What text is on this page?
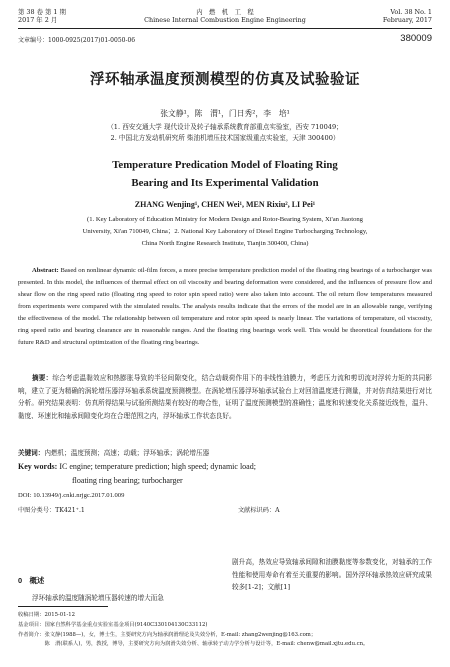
第 38 卷 第 1 期
2017 年 2 月
内　燃　机　工　程
Chinese Internal Combustion Engine Engineering
Vol. 38 No. 1
February, 2017
文章编号：1000-0925(2017)01-0050-06	380009
浮环轴承温度预测模型的仿真及试验验证
张文静¹，陈　渭¹，门日秀²，李　培¹
（1. 西安交通大学 现代设计及转子轴承系统教育部重点实验室，西安 710049；
2. 中国北方发动机研究所 柴油机增压技术国家级重点实验室，天津 300400）
Temperature Predication Model of Floating Ring
Bearing and Its Experimental Validation
ZHANG Wenjing¹, CHEN Wei¹, MEN Rixiu², LI Pei¹
(1. Key Laboratory of Education Ministry for Modern Design and Rotor-Bearing System, Xi'an Jiaotong
University, Xi'an 710049, China；2. National Key Laboratory of Diesel Engine Turbocharging Technology,
China North Engine Research Institute, Tianjin 300400, China)
Abstract: Based on nonlinear dynamic oil-film forces, a more precise temperature prediction model of the floating ring bearings of a turbocharger was presented. In this model, the influences of thermal effect on oil viscosity and bearing deformation were considered, and the influences of pressure flow and shear flow on the ring speed ratio (floating ring speed to rotor spin speed ratio) were also taken into account. The oil return flow temperatures measured from experiments were compared with the simulated results. The analysis results indicate that the errors of the model are in an allowable range, verifying the effectiveness of the model. The relationship between oil temperature and rotor spin speed is nearly linear. The variations of temperature, oil viscosity, ring speed ratio and bearing clearance are in reasonable ranges. And the floating ring bearings work well. This would be theoretical foundations for the future R&D and structural optimization of the floating ring bearings.
摘要：综合考虑温黏效应和热膨胀导致的半径间隙变化，结合动载荷作用下的非线性油膜力，考虑压力流和剪切流对浮转力矩的共同影响，建立了更为精确的涡轮增压器浮环轴承系统温度预测模型。在涡轮增压器浮环轴承试验台上对回油温度进行测量，并对仿真结果进行对比分析。研究结果表明：仿真所得结果与试验所测结果有较好的吻合性，证明了温度预测模型的准确性；温度和转速变化关系接近线性，温升、黏度、环速比和轴承间隙变化均在合理范围之内，浮环轴承工作状态良好。
关键词：内燃机；温度预测；高速；动载；浮环轴承；涡轮增压器
Key words: IC engine; temperature prediction; high speed; dynamic load;
floating ring bearing; turbocharger
DOI: 10.13949/j.cnki.nrjgc.2017.01.009
中图分类号：TK421⁺.1	文献标识码：A
0　概述
浮环轴承的温度随涡轮增压器转速的增大而急
剧升高，热效应导致轴承间隙和油膜黏度等参数变化，对轴承的工作性能和使用寿命有着至关重要的影响。国外浮环轴承热效应研究成果较多[1-2]；文献[1]
收稿日期：2015-01-12
基金项目：国家自然科学基金重点实验室基金项目(9140C330104130C33112)
作者简介：张文静(1988—)，女，博士生，主要研究方向为轴承润滑理论及失效分析，E-mail: zhang2wenjing@163.com；
　　　　　陈　渭(联系人)，男，教授，博导，主要研究方向为润滑失效分析、轴承转子动力学分析与设计等，E-mail: chenw@mail.xjtu.edu.cn。
